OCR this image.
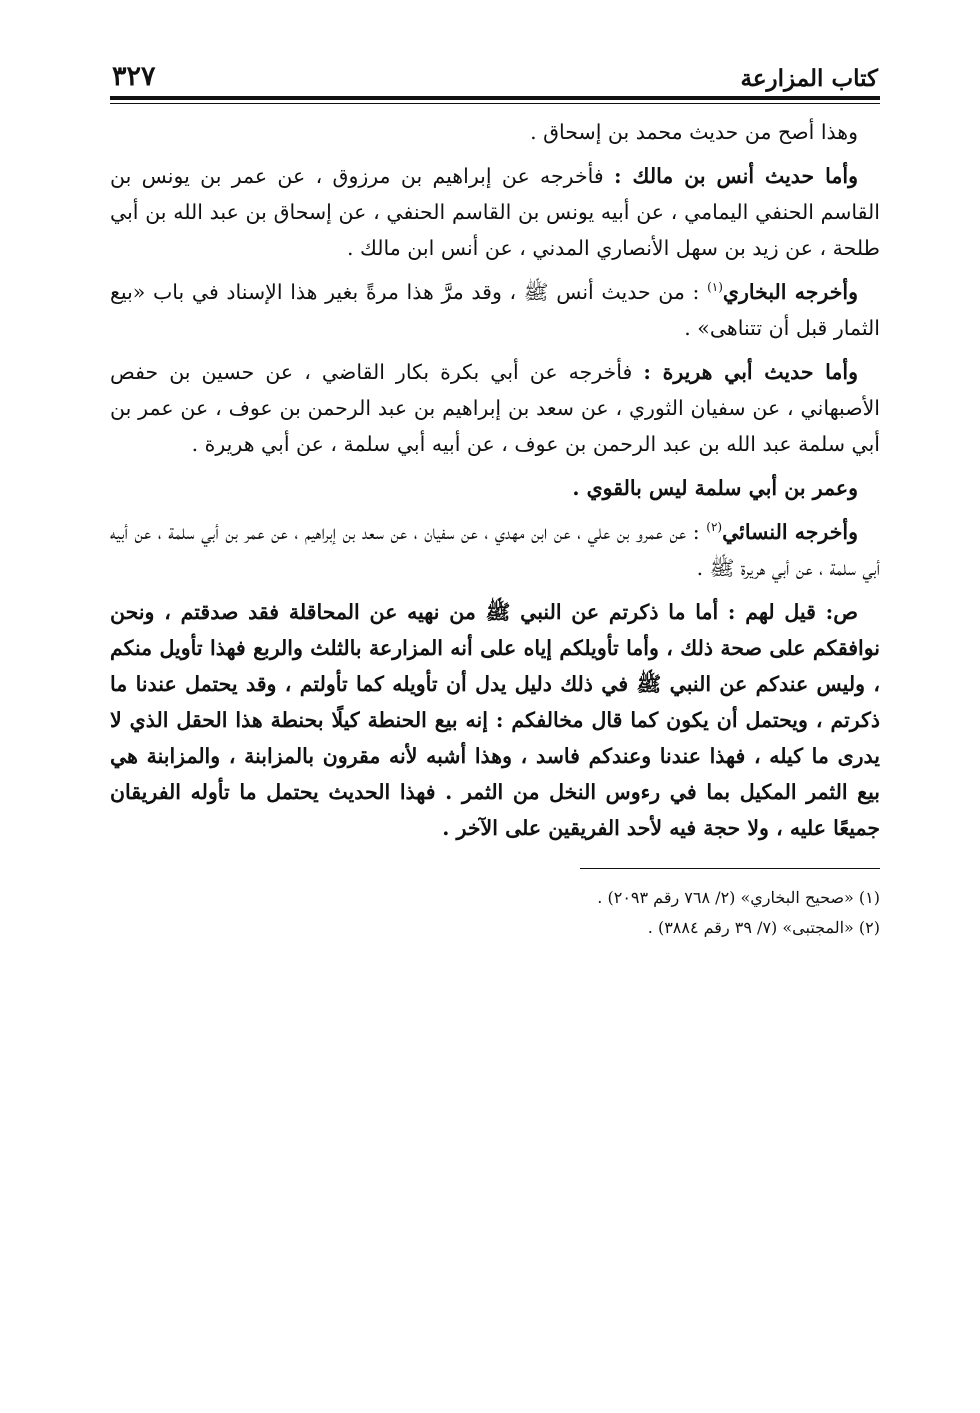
كتاب المزارعة
٣٢٧

وهذا أصح من حديث محمد بن إسحاق .

وأما حديث أنس بن مالك : فأخرجه عن إبراهيم بن مرزوق ، عن عمر بن يونس بن القاسم الحنفي اليمامي ، عن أبيه يونس بن القاسم الحنفي ، عن إسحاق بن عبد الله بن أبي طلحة ، عن زيد بن سهل الأنصاري المدني ، عن أنس ابن مالك .

وأخرجه البخاري$^{(١)}$ : من حديث أنس ﷺ ، وقد مرَّ هذا مرةً بغير هذا الإسناد في باب «بيع الثمار قبل أن تتناهى» .

وأما حديث أبي هريرة : فأخرجه عن أبي بكرة بكار القاضي ، عن حسين بن حفص الأصبهاني ، عن سفيان الثوري ، عن سعد بن إبراهيم بن عبد الرحمن بن عوف ، عن عمر بن أبي سلمة عبد الله بن عبد الرحمن بن عوف ، عن أبيه أبي سلمة ، عن أبي هريرة .

وعمر بن أبي سلمة ليس بالقوي .

وأخرجه النسائي$^{(٢)}$ : عن عمرو بن علي ، عن ابن مهدي ، عن سفيان ، عن سعد بن إبراهيم ، عن عمر بن أبي سلمة ، عن أبيه أبي سلمة ، عن أبي هريرة ﷺ .

ص: قيل لهم : أما ما ذكرتم عن النبي ﷺ من نهيه عن المحاقلة فقد صدقتم ، ونحن نوافقكم على صحة ذلك ، وأما تأويلكم إياه على أنه المزارعة بالثلث والربع فهذا تأويل منكم ، وليس عندكم عن النبي ﷺ في ذلك دليل يدل أن تأويله كما تأولتم ، وقد يحتمل عندنا ما ذكرتم ، ويحتمل أن يكون كما قال مخالفكم : إنه بيع الحنطة كيلًا بحنطة هذا الحقل الذي لا يدرى ما كيله ، فهذا عندنا وعندكم فاسد ، وهذا أشبه لأنه مقرون بالمزابنة ، والمزابنة هي بيع الثمر المكيل بما في رءوس النخل من الثمر . فهذا الحديث يحتمل ما تأوله الفريقان جميعًا عليه ، ولا حجة فيه لأحد الفريقين على الآخر .

(١) «صحيح البخاري» (٢/ ٧٦٨ رقم ٢٠٩٣) .

(٢) «المجتبى» (٧/ ٣٩ رقم ٣٨٨٤) .
